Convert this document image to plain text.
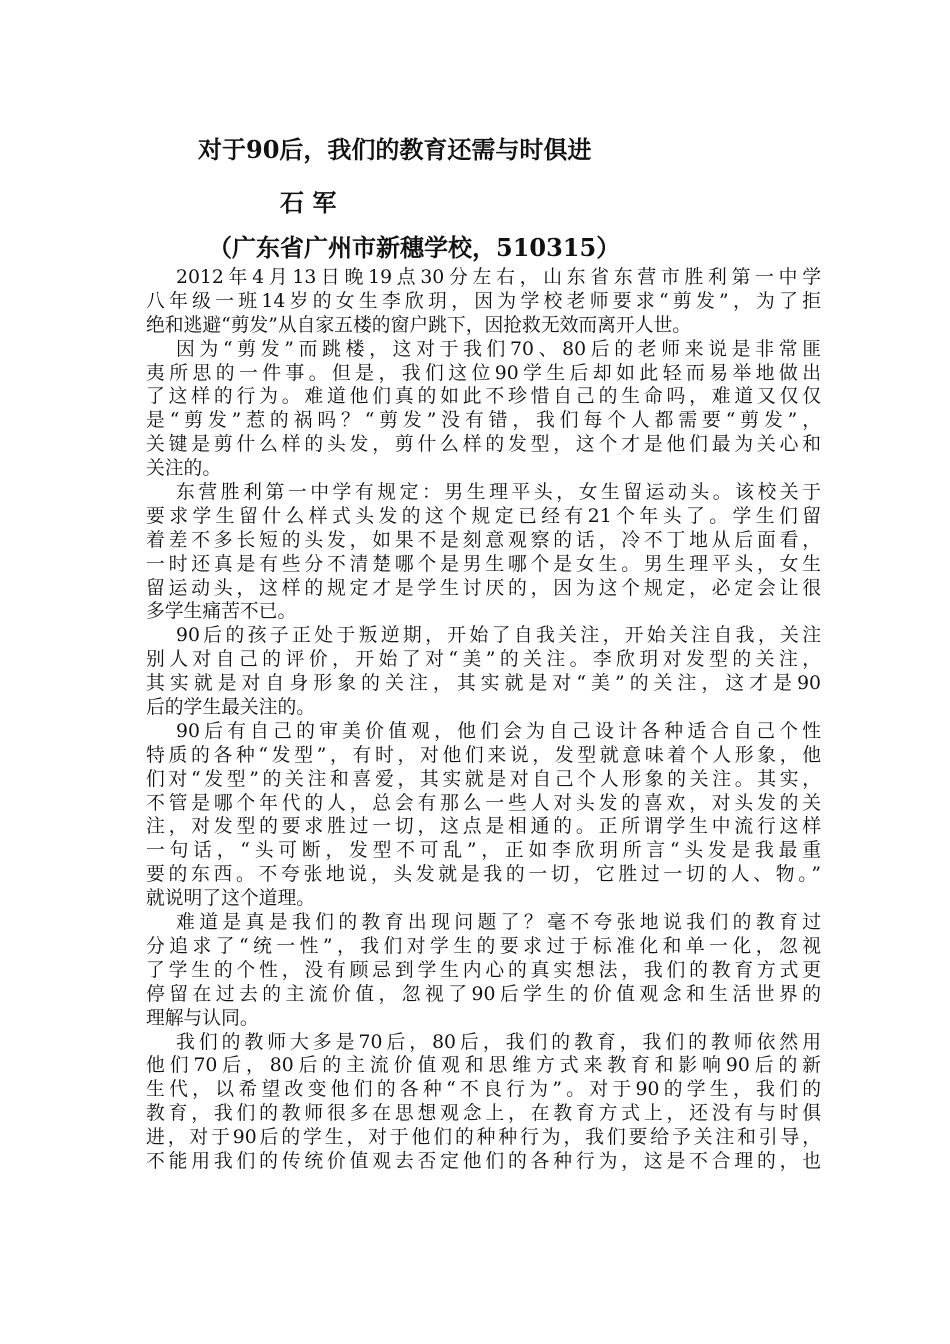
对于90后，我们的教育还需与时俱进
石 军
（广东省广州市新穗学校，510315）
2012年4月13日晚19点30分左右，山东省东营市胜利第一中学
八年级一班14岁的女生李欣玥，因为学校老师要求“剪发”，为了拒
绝和逃避“剪发”从自家五楼的窗户跳下，因抢救无效而离开人世。
因为“剪发”而跳楼，这对于我们70、80后的老师来说是非常匪
夷所思的一件事。但是，我们这位90学生后却如此轻而易举地做出
了这样的行为。难道他们真的如此不珍惜自己的生命吗，难道又仅仅
是“剪发”惹的祸吗？“剪发”没有错，我们每个人都需要“剪发”，
关键是剪什么样的头发，剪什么样的发型，这个才是他们最为关心和
关注的。
东营胜利第一中学有规定：男生理平头，女生留运动头。该校关于
要求学生留什么样式头发的这个规定已经有21个年头了。学生们留
着差不多长短的头发，如果不是刻意观察的话，冷不丁地从后面看，
一时还真是有些分不清楚哪个是男生哪个是女生。男生理平头，女生
留运动头，这样的规定才是学生讨厌的，因为这个规定，必定会让很
多学生痛苦不已。
90后的孩子正处于叛逆期，开始了自我关注，开始关注自我，关注
别人对自己的评价，开始了对“美”的关注。李欣玥对发型的关注，
其实就是对自身形象的关注，其实就是对“美”的关注，这才是90
后的学生最关注的。
90后有自己的审美价值观，他们会为自己设计各种适合自己个性
特质的各种“发型”，有时，对他们来说，发型就意味着个人形象，他
们对“发型”的关注和喜爱，其实就是对自己个人形象的关注。其实，
不管是哪个年代的人，总会有那么一些人对头发的喜欢，对头发的关
注，对发型的要求胜过一切，这点是相通的。正所谓学生中流行这样
一句话，“头可断，发型不可乱”，正如李欣玥所言“头发是我最重
要的东西。不夸张地说，头发就是我的一切，它胜过一切的人、物。”
就说明了这个道理。
难道是真是我们的教育出现问题了？毫不夸张地说我们的教育过
分追求了“统一性”，我们对学生的要求过于标准化和单一化，忽视
了学生的个性，没有顾忌到学生内心的真实想法，我们的教育方式更
停留在过去的主流价值，忽视了90后学生的价值观念和生活世界的
理解与认同。
我们的教师大多是70后，80后，我们的教育，我们的教师依然用
他们70后，80后的主流价值观和思维方式来教育和影响90后的新
生代，以希望改变他们的各种“不良行为”。对于90的学生，我们的
教育，我们的教师很多在思想观念上，在教育方式上，还没有与时俱
进，对于90后的学生，对于他们的种种行为，我们要给予关注和引导，
不能用我们的传统价值观去否定他们的各种行为，这是不合理的，也
